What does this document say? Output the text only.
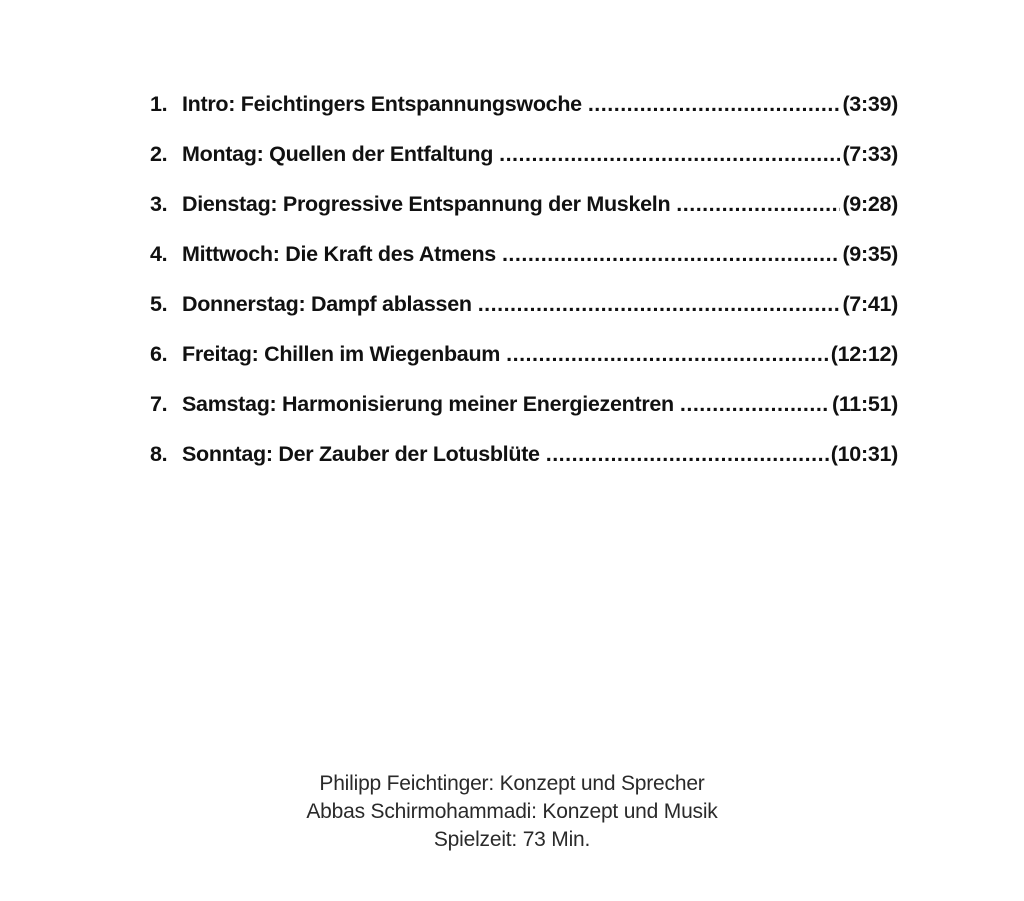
1. Intro: Feichtingers Entspannungswoche .....	(3:39)
2. Montag: Quellen der Entfaltung .....	(7:33)
3. Dienstag: Progressive Entspannung der Muskeln .....	(9:28)
4. Mittwoch: Die Kraft des Atmens .....	(9:35)
5. Donnerstag: Dampf ablassen .....	(7:41)
6. Freitag: Chillen im Wiegenbaum .....	(12:12)
7. Samstag: Harmonisierung meiner Energiezentren .....	(11:51)
8. Sonntag: Der Zauber der Lotusblüte .....	(10:31)
Philipp Feichtinger: Konzept und Sprecher
Abbas Schirmohammadi: Konzept und Musik
Spielzeit: 73 Min.
